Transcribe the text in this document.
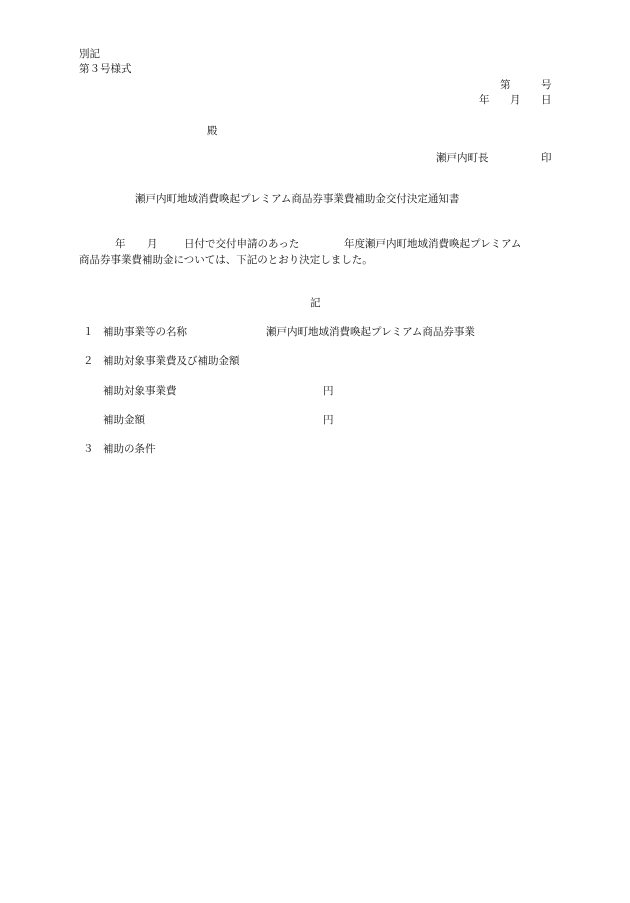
別記
第３号様式
第	号
年 月 日
殿
瀬戸内町長	印
瀬戸内町地域消費喚起プレミアム商品券事業費補助金交付決定通知書
年 月	日付で交付申請のあった	年度瀬戸内町地域消費喚起プレミアム
商品券事業費補助金については、下記のとおり決定しました。
記
１ 補助事業等の名称	瀬戸内町地域消費喚起プレミアム商品券事業
２ 補助対象事業費及び補助金額
補助対象事業費	円
補助金額	円
３ 補助の条件
